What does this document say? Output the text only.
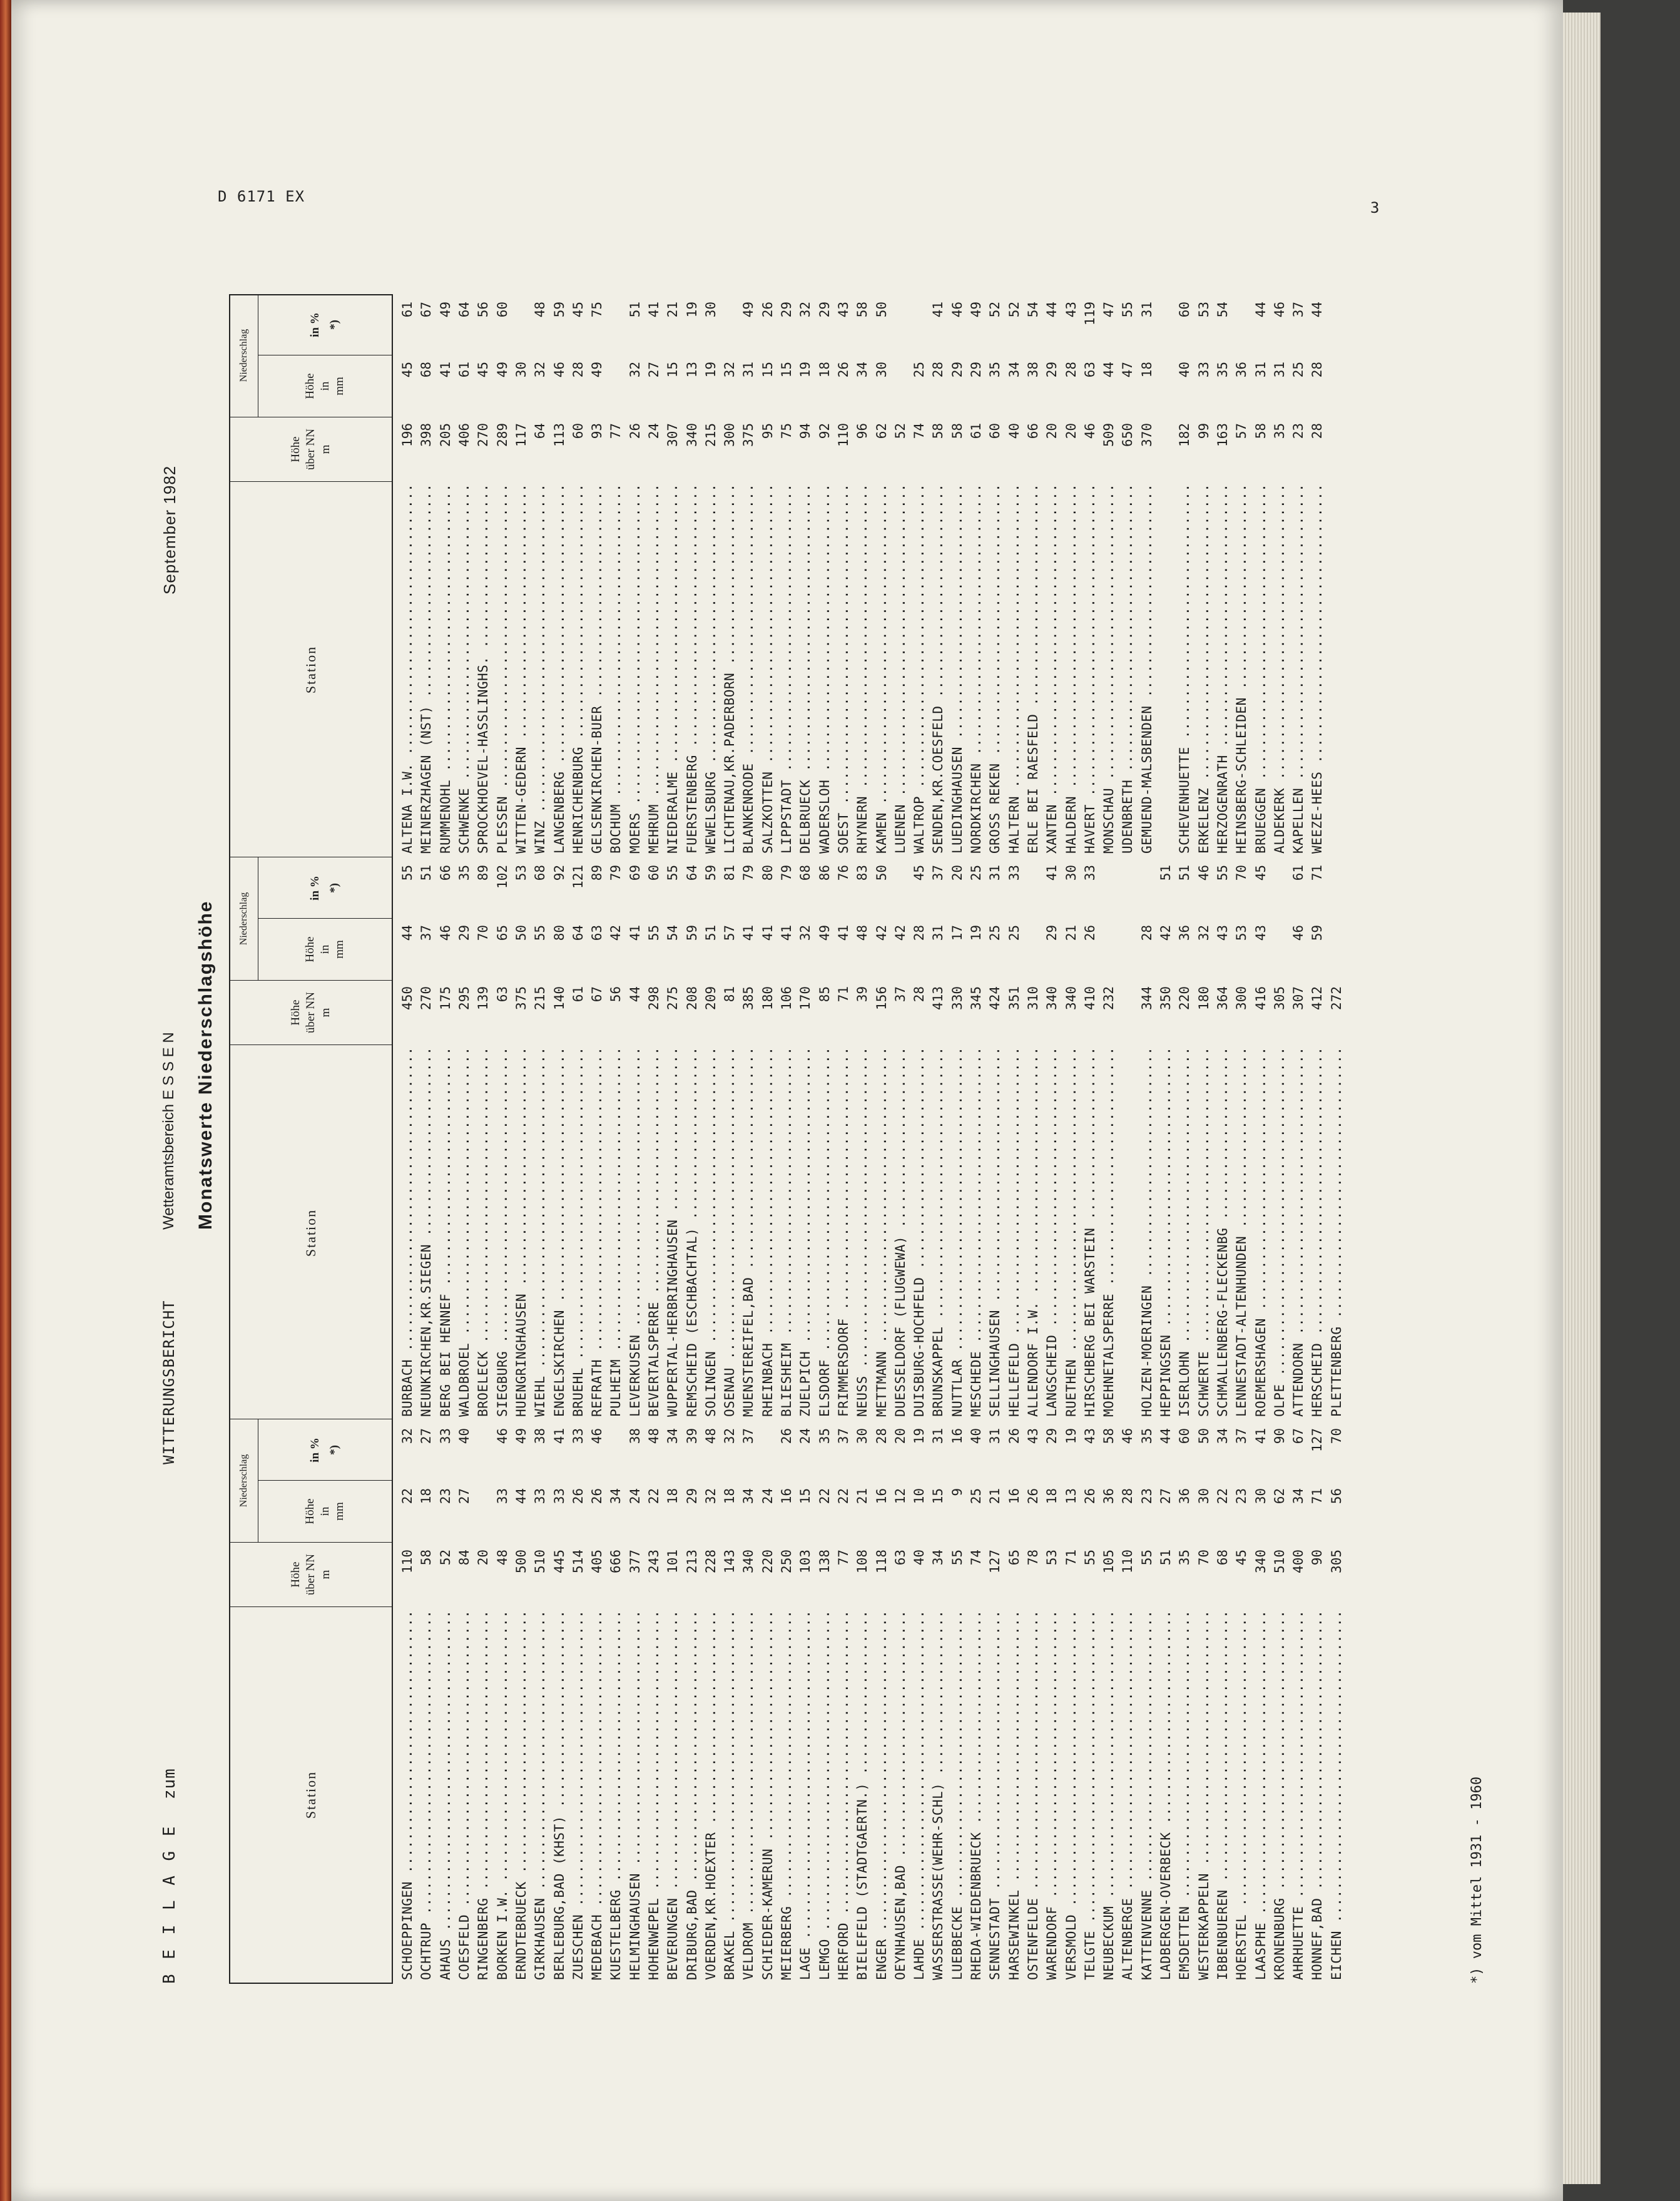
D 6171 EX
3
B E I L A G E  zum
WITTERUNGSBERICHT
Wetteramtsbereich E S S E N
September 1982
Monatswerte Niederschlagshöhe
Station
Höhe
über NN
m
Niederschlag
Höhe
in
mm
in % *)
SCHOEPPINGEN .....
110
22
32
OCHTRUP .....
58
18
27
AHAUS .....
52
23
33
COESFELD .....
84
27
40
RINGENBERG .....
20
BORKEN I.W. .....
48
33
46
ERNDTEBRUECK .....
500
44
49
GIRKHAUSEN .....
510
33
38
BERLEBURG,BAD (KHST) .....
445
33
41
ZUESCHEN .....
514
26
33
MEDEBACH .....
405
26
46
KUESTELBERG .....
666
34
HELMINGHAUSEN .....
377
24
38
HOHENWEPEL .....
243
22
48
BEVERUNGEN .....
101
18
34
DRIBURG,BAD .....
213
29
39
VOERDEN,KR.HOEXTER .....
228
32
48
BRAKEL .....
143
18
32
VELDROM .....
340
34
37
SCHIEDER-KAMERUN .....
220
24
MEIERBERG .....
250
16
26
LAGE .....
103
15
24
LEMGO .....
138
22
35
HERFORD .....
77
22
37
BIELEFELD (STADTGAERTN.) .....
108
21
30
ENGER .....
118
16
28
OEYNHAUSEN,BAD .....
63
12
20
LAHDE .....
40
10
19
WASSERSTRASSE(WEHR-SCHL) .....
34
15
31
LUEBBECKE .....
55
9
16
RHEDA-WIEDENBRUECK .....
74
25
40
SENNESTADT .....
127
21
31
HARSEWINKEL .....
65
16
26
OSTENFELDE .....
78
26
43
WARENDORF .....
53
18
29
VERSMOLD .....
71
13
19
TELGTE .....
55
26
43
NEUBECKUM .....
105
36
58
ALTENBERGE .....
110
28
46
KATTENVENNE .....
55
23
35
LADBERGEN-OVERBECK .....
51
27
44
EMSDETTEN .....
35
36
60
WESTERKAPPELN .....
70
30
50
IBBENBUEREN .....
68
22
34
HOERSTEL .....
45
23
37
LAASPHE .....
340
30
41
KRONENBURG .....
510
62
90
AHRHUETTE .....
400
34
67
HONNEF,BAD .....
90
71
127
EICHEN .....
305
56
70
Station
Höhe
über NN
m
Niederschlag
Höhe
in
mm
in % *)
BURBACH .....
450
44
55
NEUNKIRCHEN,KR.SIEGEN .....
270
37
51
BERG BEI HENNEF .....
175
46
66
WALDBROEL .....
295
29
35
BROELECK .....
139
70
89
SIEGBURG .....
63
65
102
HUENGRINGHAUSEN .....
375
50
53
WIEHL .....
215
55
68
ENGELSKIRCHEN .....
140
80
92
BRUEHL .....
61
64
121
REFRATH .....
67
63
89
PULHEIM .....
56
42
79
LEVERKUSEN .....
44
41
69
BEVERTALSPERRE .....
298
55
60
WUPPERTAL-HERBRINGHAUSEN .....
275
54
55
REMSCHEID (ESCHBACHTAL) .....
208
59
64
SOLINGEN .....
209
51
59
OSENAU .....
81
57
81
MUENSTEREIFEL,BAD .....
385
41
79
RHEINBACH .....
180
41
80
BLIESHEIM .....
106
41
79
ZUELPICH .....
170
32
68
ELSDORF .....
85
49
86
FRIMMERSDORF .....
71
41
76
NEUSS .....
39
48
83
METTMANN .....
156
42
50
DUESSELDORF (FLUGWEWA) .....
37
42
DUISBURG-HOCHFELD .....
28
28
45
BRUNSKAPPEL .....
413
31
37
NUTTLAR .....
330
17
20
MESCHEDE .....
345
19
25
SELLINGHAUSEN .....
424
25
31
HELLEFELD .....
351
25
33
ALLENDORF I.W. .....
310
LANGSCHEID .....
340
29
41
RUETHEN .....
340
21
30
HIRSCHBERG BEI WARSTEIN .....
410
26
33
MOEHNETALSPERRE .....
232
HOLZEN-MOERINGEN .....
344
28
HEPPINGSEN .....
350
42
51
ISERLOHN .....
220
36
51
SCHWERTE .....
180
32
46
SCHMALLENBERG-FLECKENBG .....
364
43
55
LENNESTADT-ALTENHUNDEN .....
300
53
70
ROEMERSHAGEN .....
416
43
45
OLPE .....
305
ATTENDORN .....
307
46
61
HERSCHEID .....
412
59
71
PLETTENBERG .....
272
Station
Höhe
über NN
m
Niederschlag
Höhe
in
mm
in % *)
ALTENA I.W. .....
196
45
61
MEINERZHAGEN (NST) .....
398
68
67
RUMMENOHL .....
205
41
49
SCHWENKE .....
406
61
64
SPROCKHOEVEL-HASSLINGHS. .....
270
45
56
PLESSEN .....
289
49
60
WITTEN-GEDERN .....
117
30
WINZ .....
64
32
48
LANGENBERG .....
113
46
59
HENRICHENBURG .....
60
28
45
GELSENKIRCHEN-BUER .....
93
49
75
BOCHUM .....
77
MOERS .....
26
32
51
MEHRUM .....
24
27
41
NIEDERALME .....
307
15
21
FUERSTENBERG .....
340
13
19
WEWELSBURG .....
215
19
30
LICHTENAU,KR.PADERBORN .....
300
32
BLANKENRODE .....
375
31
49
SALZKOTTEN .....
95
15
26
LIPPSTADT .....
75
15
29
DELBRUECK .....
94
19
32
WADERSLOH .....
92
18
29
SOEST .....
110
26
43
RHYNERN .....
96
34
58
KAMEN .....
62
30
50
LUENEN .....
52
WALTROP .....
74
25
SENDEN,KR.COESFELD .....
58
28
41
LUEDINGHAUSEN .....
58
29
46
NORDKIRCHEN .....
61
29
49
GROSS REKEN .....
60
35
52
HALTERN .....
40
34
52
ERLE BEI RAESFELD .....
66
38
54
XANTEN .....
20
29
44
HALDERN .....
20
28
43
HAVERT .....
46
63
119
MONSCHAU .....
509
44
47
UDENBRETH .....
650
47
55
GEMUEND-MALSBENDEN .....
370
18
31
SCHEVENHUETTE .....
182
40
60
ERKELENZ .....
99
33
53
HERZOGENRATH .....
163
35
54
HEINSBERG-SCHLEIDEN .....
57
36
BRUEGGEN .....
58
31
44
ALDEKERK .....
35
31
46
KAPELLEN .....
23
25
37
WEEZE-HEES .....
28
28
44
*) vom Mittel 1931 - 1960
